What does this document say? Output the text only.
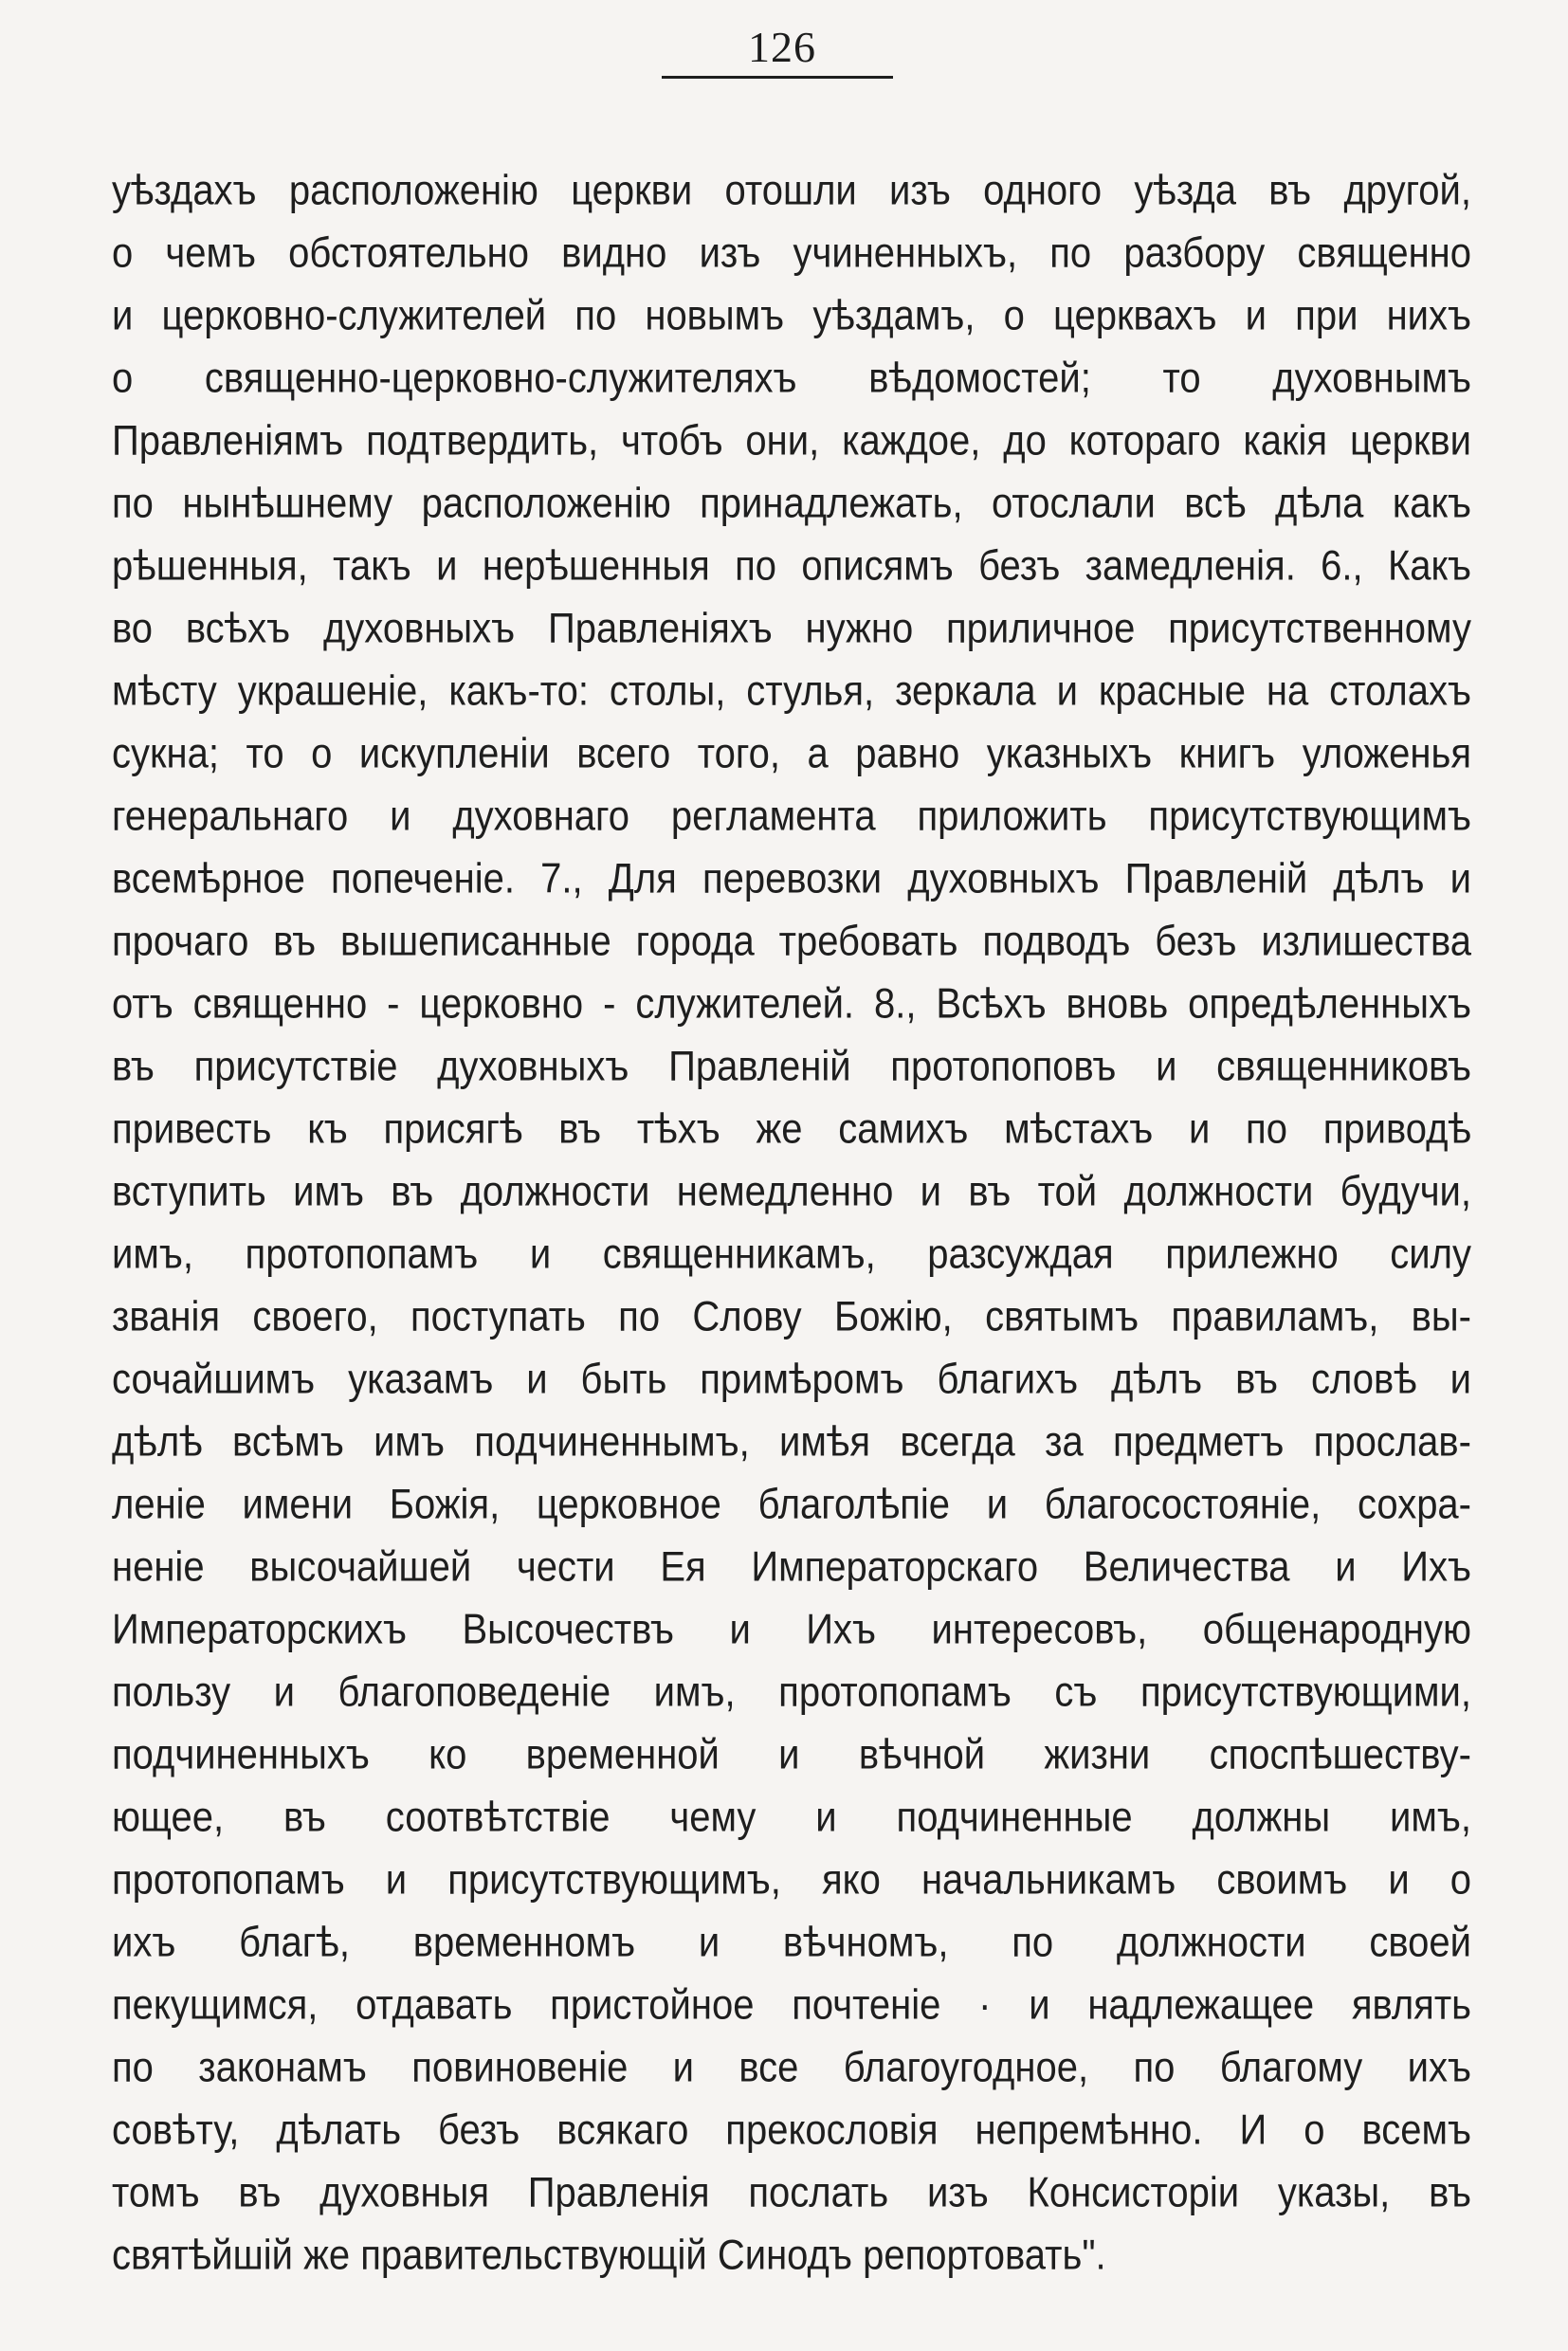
126
уѣздахъ расположенію церкви отошли изъ одного уѣзда въ другой,
о чемъ обстоятельно видно изъ учиненныхъ, по разбору священно
и церковно-служителей по новымъ уѣздамъ, о церквахъ и при нихъ
о священно-церковно-служителяхъ вѣдомостей; то духовнымъ
Правленіямъ подтвердить, чтобъ они, каждое, до котораго какія церкви
по нынѣшнему расположенію принадлежать, отослали всѣ дѣла какъ
рѣшенныя, такъ и нерѣшенныя по описямъ безъ замедленія. 6., Какъ
во всѣхъ духовныхъ Правленіяхъ нужно приличное присутственному
мѣсту украшеніе, какъ-то: столы, стулья, зеркала и красные на столахъ
сукна; то о искупленіи всего того, а равно указныхъ книгъ уложенья
генеральнаго и духовнаго регламента приложить присутствующимъ
всемѣрное попеченіе. 7., Для перевозки духовныхъ Правленій дѣлъ и
прочаго въ вышеписанные города требовать подводъ безъ излишества
отъ священно - церковно - служителей. 8., Всѣхъ вновь опредѣленныхъ
въ присутствіе духовныхъ Правленій протопоповъ и священниковъ
привесть къ присягѣ въ тѣхъ же самихъ мѣстахъ и по приводѣ
вступить имъ въ должности немедленно и въ той должности будучи,
имъ, протопопамъ и священникамъ, разсуждая прилежно силу
званія своего, поступать по Слову Божію, святымъ правиламъ, вы-
сочайшимъ указамъ и быть примѣромъ благихъ дѣлъ въ словѣ и
дѣлѣ всѣмъ имъ подчиненнымъ, имѣя всегда за предметъ прослав-
леніе имени Божія, церковное благолѣпіе и благосостояніе, сохра-
неніе высочайшей чести Ея Императорскаго Величества и Ихъ
Императорскихъ Высочествъ и Ихъ интересовъ, общенародную
пользу и благоповеденіе имъ, протопопамъ съ присутствующими,
подчиненныхъ ко временной и вѣчной жизни споспѣшеству-
ющее, въ соотвѣтствіе чему и подчиненные должны имъ,
протопопамъ и присутствующимъ, яко начальникамъ своимъ и о
ихъ благѣ, временномъ и вѣчномъ, по должности своей
пекущимся, отдавать пристойное почтеніе · и надлежащее являть
по законамъ повиновеніе и все благоугодное, по благому ихъ
совѣту, дѣлать безъ всякаго прекословія непремѣнно. И о всемъ
томъ въ духовныя Правленія послать изъ Консисторіи указы, въ
святѣйшій же правительствующій Синодъ репортовать".
